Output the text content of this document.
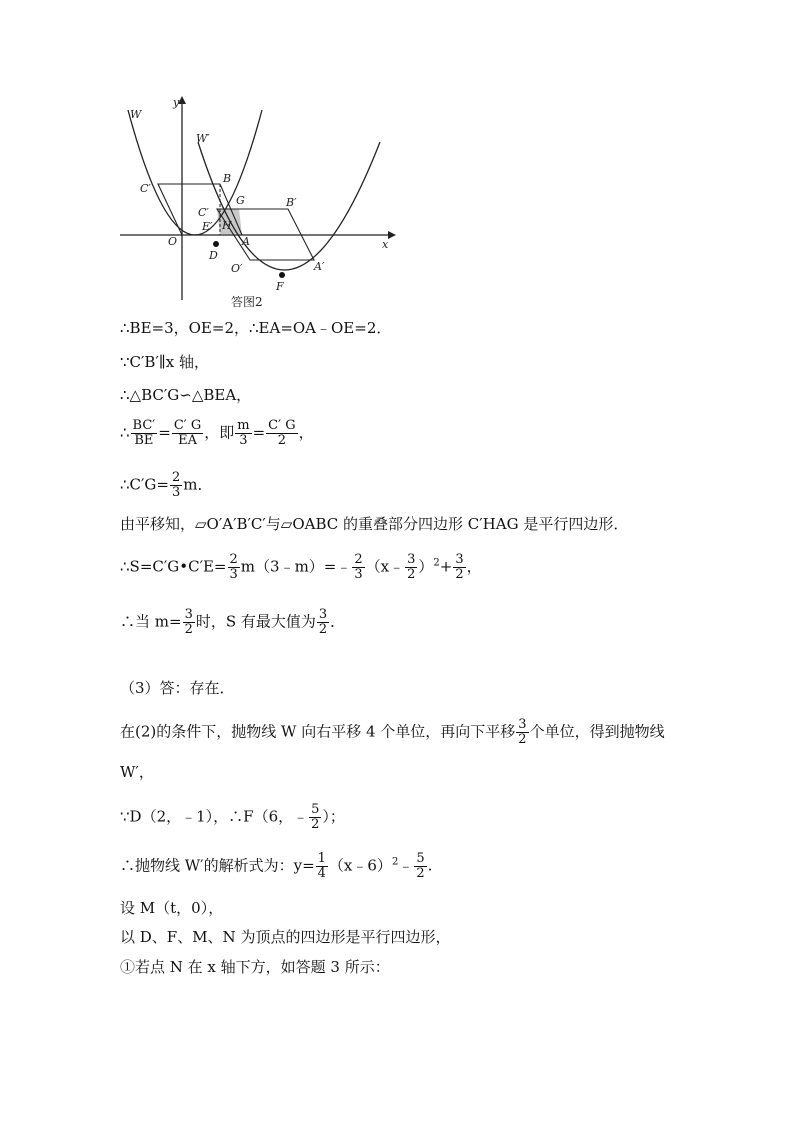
W
W′
y
x
B
C′
G	B′
C′
E′ H
O	A
D
O′	A′
F
答图2
∴BE=3，OE=2，∴EA=OA﹣OE=2．
∵C′B′∥x 轴，
∴△BC′G∽△BEA，
∴ $\frac{BC'}{BE} = \frac{C' G}{EA}$ ，即 $\frac{m}{3} = \frac{C' G}{2}$ ，
∴C′G= $\frac{2}{3}$ m．
由平移知，▱O′A′B′C′与▱OABC 的重叠部分四边形 C′HAG 是平行四边形．
∴S=C′G•C′E= $\frac{2}{3}$ m（3﹣m）=﹣ $\frac{2}{3}$ （x﹣ $\frac{3}{2} )^2+ \frac{3}{2}$ ，
∴当 $m= \frac{3}{2}$ 时，S 有最大值为 $\frac{3}{2}$ ．
（3）答：存在．
在(2)的条件下，抛物线 W 向右平移 4 个单位，再向下平移 $\frac{3}{2}$ 个单位，得到抛物线
W′，
∵D（2，﹣1），∴F（6，﹣ $\frac{5}{2}$ ）；
∴抛物线 W′的解析式为：$y= \frac{1}{4}$ （x﹣6）$^2$﹣ $\frac{5}{2}$ .
设 M（t，0），
以 D、F、M、N 为顶点的四边形是平行四边形，
①若点 N 在 x 轴下方，如答题 3 所示：
